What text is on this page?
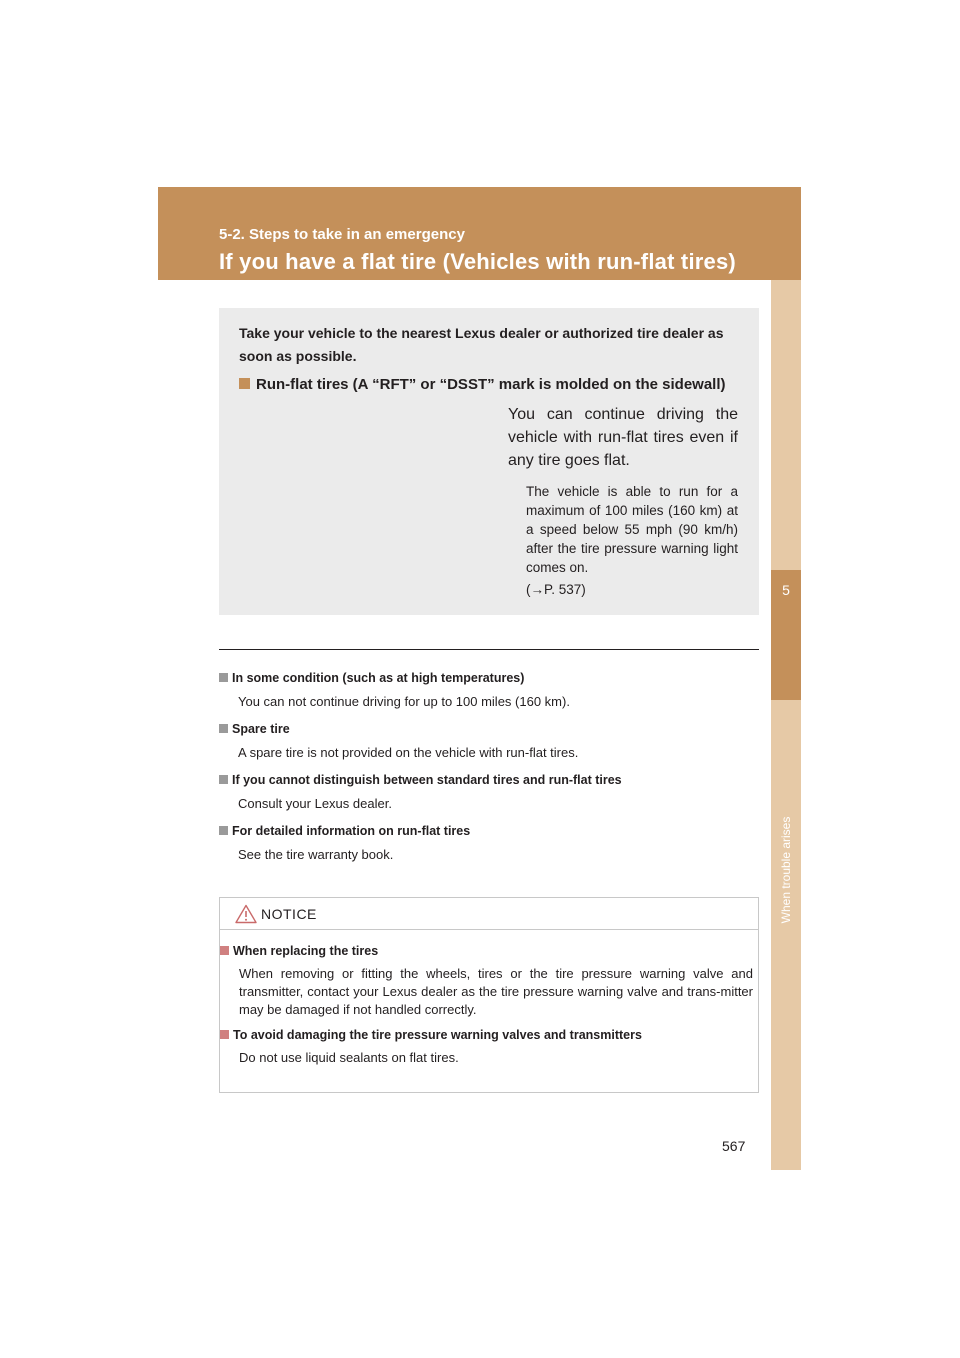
5-2. Steps to take in an emergency
If you have a flat tire (Vehicles with run-flat tires)
5
When trouble arises
Take your vehicle to the nearest Lexus dealer or authorized tire dealer as soon as possible.
Run-flat tires (A “RFT” or “DSST” mark is molded on the sidewall)
You can continue driving the vehicle with run-flat tires even if any tire goes flat.
The vehicle is able to run for a maximum of 100 miles (160 km) at a speed below 55 mph (90 km/h) after the tire pressure warning light comes on.
(→P. 537)
In some condition (such as at high temperatures)
You can not continue driving for up to 100 miles (160 km).
Spare tire
A spare tire is not provided on the vehicle with run-flat tires.
If you cannot distinguish between standard tires and run-flat tires
Consult your Lexus dealer.
For detailed information on run-flat tires
See the tire warranty book.
NOTICE
When replacing the tires
When removing or fitting the wheels, tires or the tire pressure warning valve and transmitter, contact your Lexus dealer as the tire pressure warning valve and trans-mitter may be damaged if not handled correctly.
To avoid damaging the tire pressure warning valves and transmitters
Do not use liquid sealants on flat tires.
567
